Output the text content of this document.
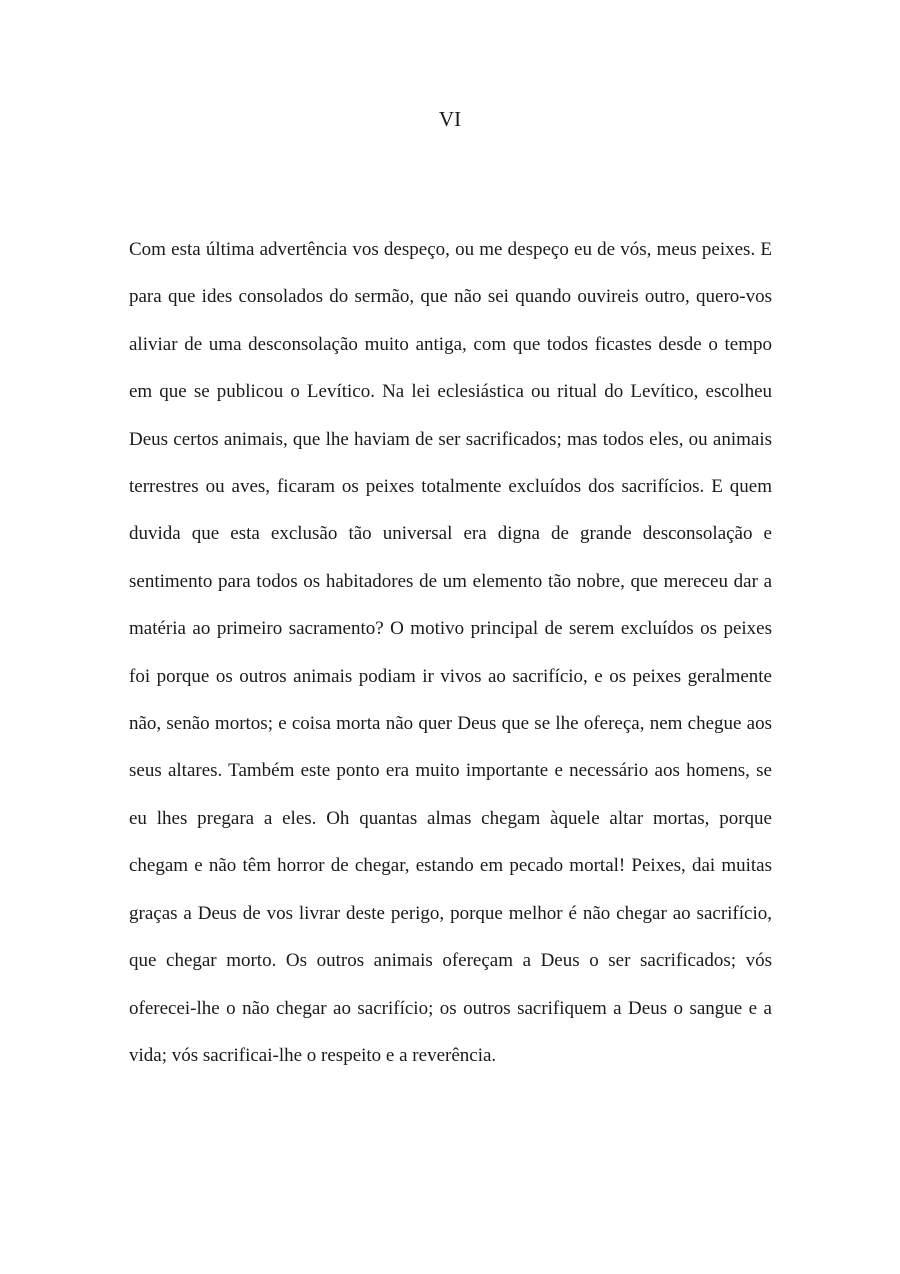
VI

Com esta última advertência vos despeço, ou me despeço eu de vós, meus peixes. E para que ides consolados do sermão, que não sei quando ouvireis outro, quero-vos aliviar de uma desconsolação muito antiga, com que todos ficastes desde o tempo em que se publicou o Levítico. Na lei eclesiástica ou ritual do Levítico, escolheu Deus certos animais, que lhe haviam de ser sacrificados; mas todos eles, ou animais terrestres ou aves, ficaram os peixes totalmente excluídos dos sacrifícios. E quem duvida que esta exclusão tão universal era digna de grande desconsolação e sentimento para todos os habitadores de um elemento tão nobre, que mereceu dar a matéria ao primeiro sacramento? O motivo principal de serem excluídos os peixes foi porque os outros animais podiam ir vivos ao sacrifício, e os peixes geralmente não, senão mortos; e coisa morta não quer Deus que se lhe ofereça, nem chegue aos seus altares. Também este ponto era muito importante e necessário aos homens, se eu lhes pregara a eles. Oh quantas almas chegam àquele altar mortas, porque chegam e não têm horror de chegar, estando em pecado mortal! Peixes, dai muitas graças a Deus de vos livrar deste perigo, porque melhor é não chegar ao sacrifício, que chegar morto. Os outros animais ofereçam a Deus o ser sacrificados; vós oferecei-lhe o não chegar ao sacrifício; os outros sacrifiquem a Deus o sangue e a vida; vós sacrificai-lhe o respeito e a reverência.
